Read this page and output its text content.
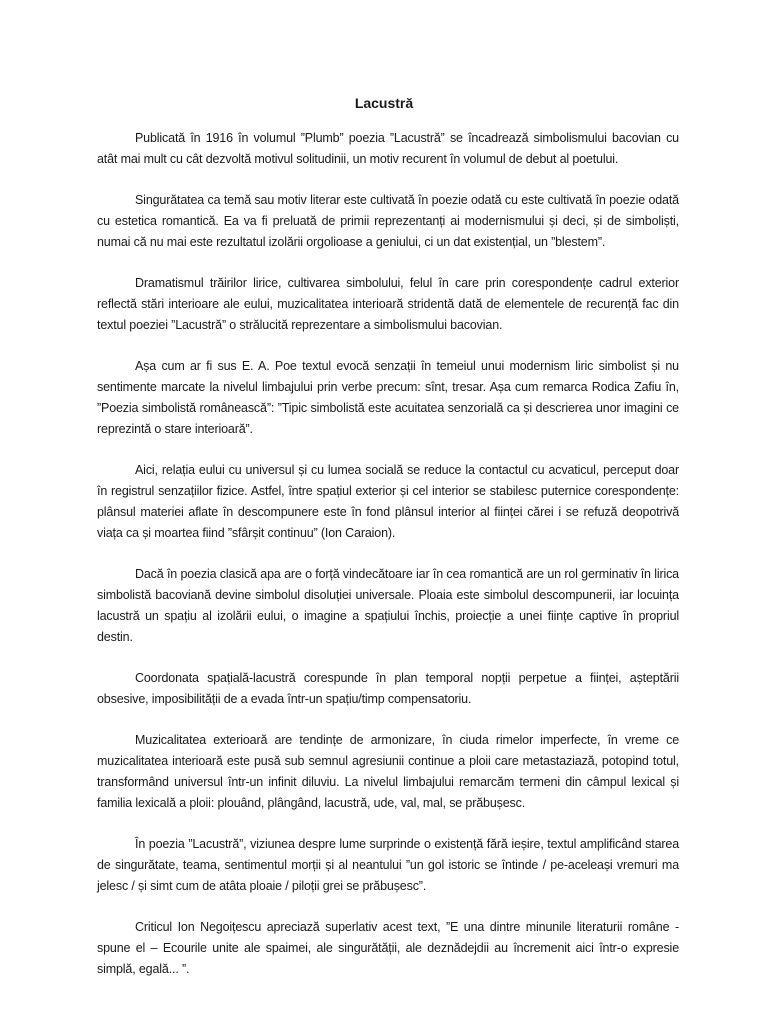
Lacustră

Publicată în 1916 în volumul ”Plumb” poezia ”Lacustră” se încadrează simbolismului bacovian cu atât mai mult cu cât dezvoltă motivul solitudinii, un motiv recurent în volumul de debut al poetului.

Singurătatea ca temă sau motiv literar este cultivată în poezie odată cu este cultivată în poezie odată cu estetica romantică. Ea va fi preluată de primii reprezentanți ai modernismului și deci, și de simboliști, numai că nu mai este rezultatul izolării orgolioase a geniului, ci un dat existențial, un ”blestem”.

Dramatismul trăirilor lirice, cultivarea simbolului, felul în care prin corespondențe cadrul exterior reflectă stări interioare ale eului, muzicalitatea interioară stridentă dată de elementele de recurență fac din textul poeziei ”Lacustră” o strălucită reprezentare a simbolismului bacovian.

Așa cum ar fi sus E. A. Poe textul evocă senzații în temeiul unui modernism liric simbolist și nu sentimente marcate la nivelul limbajului prin verbe precum: sînt, tresar. Așa cum remarca Rodica Zafiu în, ”Poezia simbolistă românească”: ”Tipic simbolistă este acuitatea senzorială ca și descrierea unor imagini ce reprezintă o stare interioară”.

Aici, relația eului cu universul și cu lumea socială se reduce la contactul cu acvaticul, perceput doar în registrul senzațiilor fizice. Astfel, între spațiul exterior și cel interior se stabilesc puternice corespondențe: plânsul materiei aflate în descompunere este în fond plânsul interior al ființei cărei i se refuză deopotrivă viața ca și moartea fiind ”sfârșit continuu” (Ion Caraion).

Dacă în poezia clasică apa are o forță vindecătoare iar în cea romantică are un rol germinativ în lirica simbolistă bacoviană devine simbolul disoluției universale. Ploaia este simbolul descompunerii, iar locuința lacustră un spațiu al izolării eului, o imagine a spațiului închis, proiecție a unei ființe captive în propriul destin.

Coordonata spațială-lacustră corespunde în plan temporal nopții perpetue a ființei, așteptării obsesive, imposibilității de a evada într-un spațiu/timp compensatoriu.

Muzicalitatea exterioară are tendințe de armonizare, în ciuda rimelor imperfecte, în vreme ce muzicalitatea interioară este pusă sub semnul agresiunii continue a ploii care metastaziază, potopind totul, transformând universul într-un infinit diluviu. La nivelul limbajului remarcăm termeni din câmpul lexical și familia lexicală a ploii: plouând, plângând, lacustră, ude, val, mal, se prăbușesc.

În poezia ”Lacustră”, viziunea despre lume surprinde o existență fără ieșire, textul amplificând starea de singurătate, teama, sentimentul morții și al neantului ”un gol istoric se întinde / pe-aceleași vremuri ma jelesc / și simt cum de atâta ploaie / piloții grei se prăbușesc”.

Criticul Ion Negoițescu apreciază superlativ acest text, ”E una dintre minunile literaturii române - spune el – Ecourile unite ale spaimei, ale singurătății, ale deznădejdii au încremenit aici într-o expresie simplă, egală... ”.
